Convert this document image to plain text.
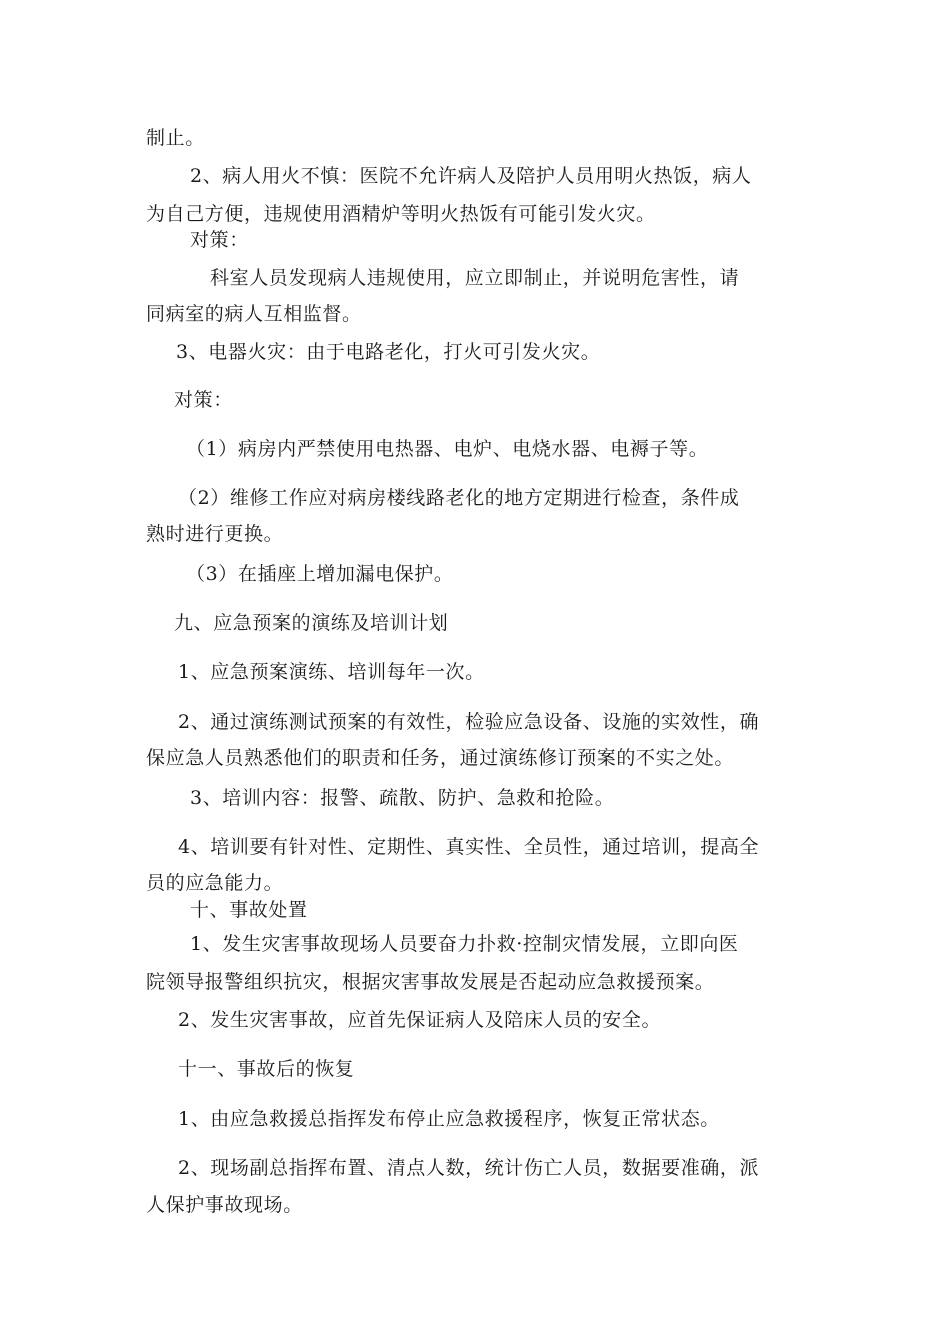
制止。
2、病人用火不慎：医院不允许病人及陪护人员用明火热饭，病人
为自己方便，违规使用酒精炉等明火热饭有可能引发火灾。
对策：
科室人员发现病人违规使用，应立即制止，并说明危害性，请
同病室的病人互相监督。
3、电器火灾：由于电路老化，打火可引发火灾。
对策：
（1）病房内严禁使用电热器、电炉、电烧水器、电褥子等。
（2）维修工作应对病房楼线路老化的地方定期进行检查，条件成
熟时进行更换。
（3）在插座上增加漏电保护。
九、应急预案的演练及培训计划
1、应急预案演练、培训每年一次。
2、通过演练测试预案的有效性，检验应急设备、设施的实效性，确
保应急人员熟悉他们的职责和任务，通过演练修订预案的不实之处。
3、培训内容：报警、疏散、防护、急救和抢险。
4、培训要有针对性、定期性、真实性、全员性，通过培训，提高全
员的应急能力。
十、事故处置
1、发生灾害事故现场人员要奋力扑救·控制灾情发展，立即向医
院领导报警组织抗灾，根据灾害事故发展是否起动应急救援预案。
2、发生灾害事故，应首先保证病人及陪床人员的安全。
十一、事故后的恢复
1、由应急救援总指挥发布停止应急救援程序，恢复正常状态。
2、现场副总指挥布置、清点人数，统计伤亡人员，数据要准确，派
人保护事故现场。
